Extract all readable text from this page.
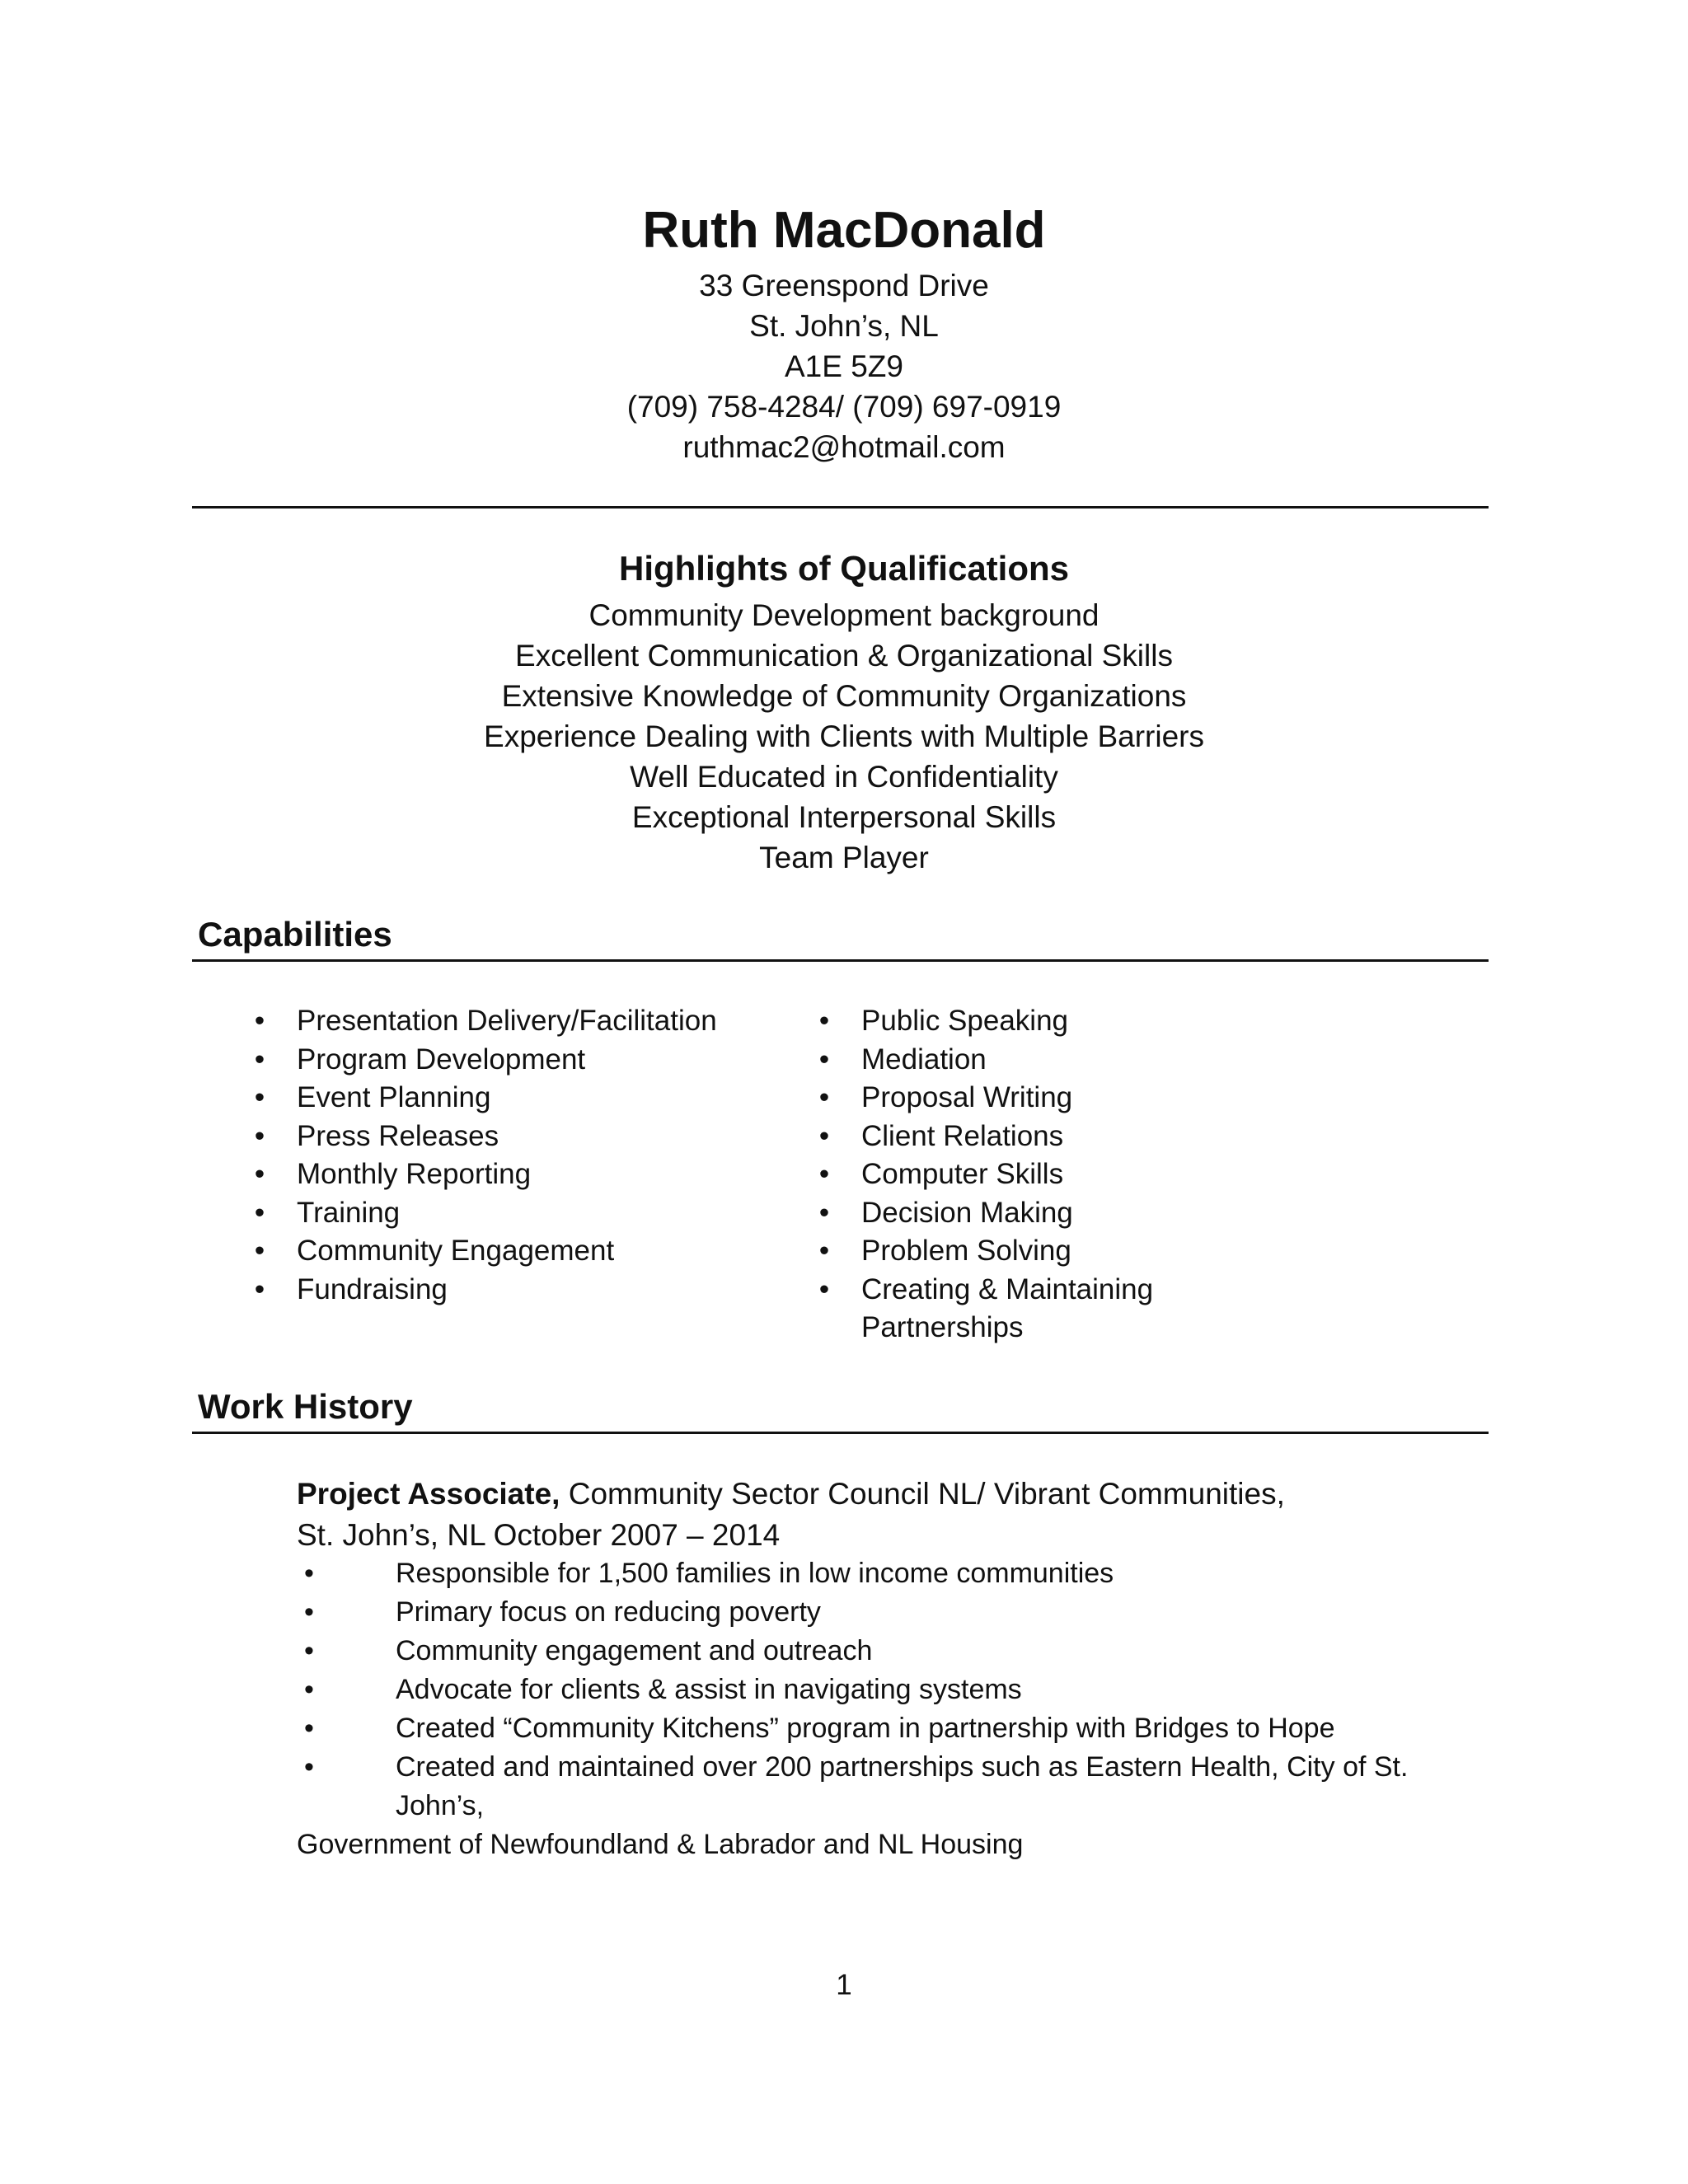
Ruth MacDonald
33 Greenspond Drive
St. John’s, NL
A1E 5Z9
(709) 758-4284/ (709) 697-0919
ruthmac2@hotmail.com
Highlights of Qualifications
Community Development background
Excellent Communication & Organizational Skills
Extensive Knowledge of Community Organizations
Experience Dealing with Clients with Multiple Barriers
Well Educated in Confidentiality
Exceptional Interpersonal Skills
Team Player
Capabilities
• Presentation Delivery/Facilitation
• Program Development
• Event Planning
• Press Releases
• Monthly Reporting
• Training
• Community Engagement
• Fundraising
• Public Speaking
• Mediation
• Proposal Writing
• Client Relations
• Computer Skills
• Decision Making
• Problem Solving
• Creating & Maintaining Partnerships
Work History
Project Associate, Community Sector Council NL/ Vibrant Communities,
St. John’s, NL October 2007 – 2014
•	Responsible for 1,500 families in low income communities
•	Primary focus on reducing poverty
•	Community engagement and outreach
•	Advocate for clients & assist in navigating systems
•	Created “Community Kitchens” program in partnership with Bridges to Hope
•	Created and maintained over 200 partnerships such as Eastern Health, City of St. John’s,
Government of Newfoundland & Labrador and NL Housing
1
